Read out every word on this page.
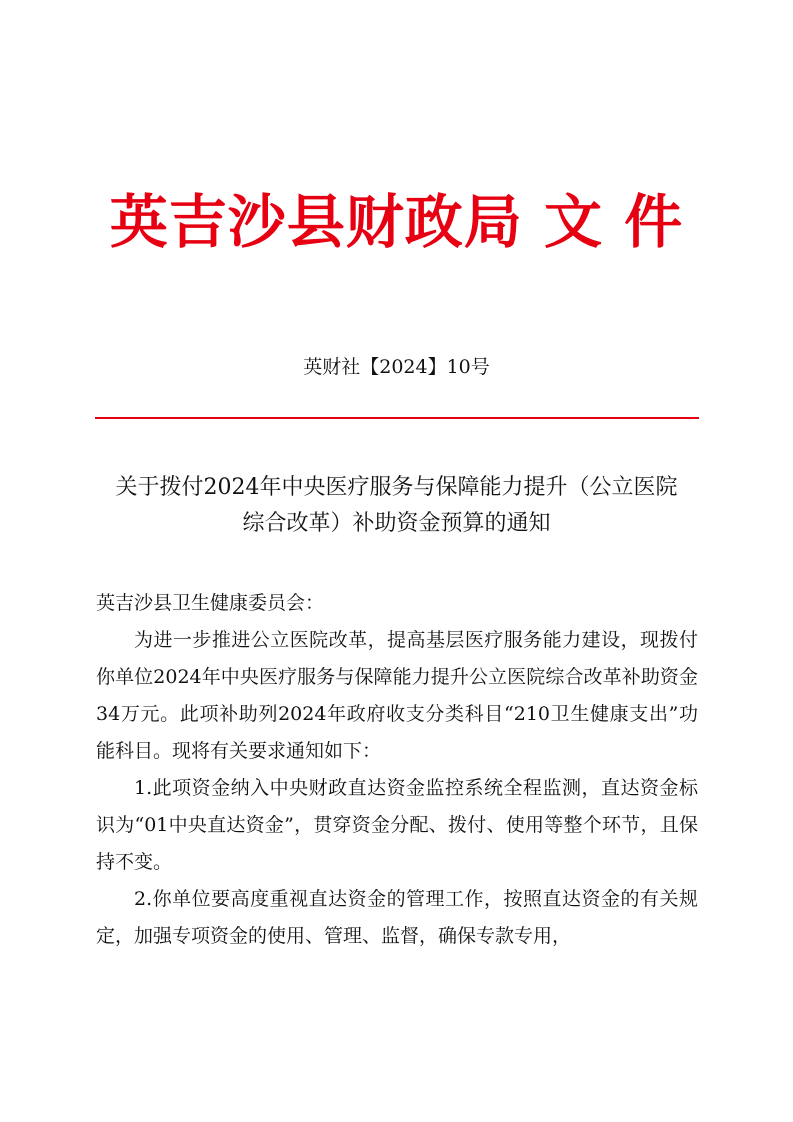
英吉沙县财政局 文 件
英财社【2024】10号
关于拨付2024年中央医疗服务与保障能力提升（公立医院
综合改革）补助资金预算的通知

英吉沙县卫生健康委员会：

为进一步推进公立医院改革，提高基层医疗服务能力建设，现拨付你单位2024年中央医疗服务与保障能力提升公立医院综合改革补助资金34万元。此项补助列2024年政府收支分类科目“210卫生健康支出”功能科目。现将有关要求通知如下：

1.此项资金纳入中央财政直达资金监控系统全程监测，直达资金标识为“01中央直达资金”，贯穿资金分配、拨付、使用等整个环节，且保持不变。

2.你单位要高度重视直达资金的管理工作，按照直达资金的有关规定，加强专项资金的使用、管理、监督，确保专款专用，
